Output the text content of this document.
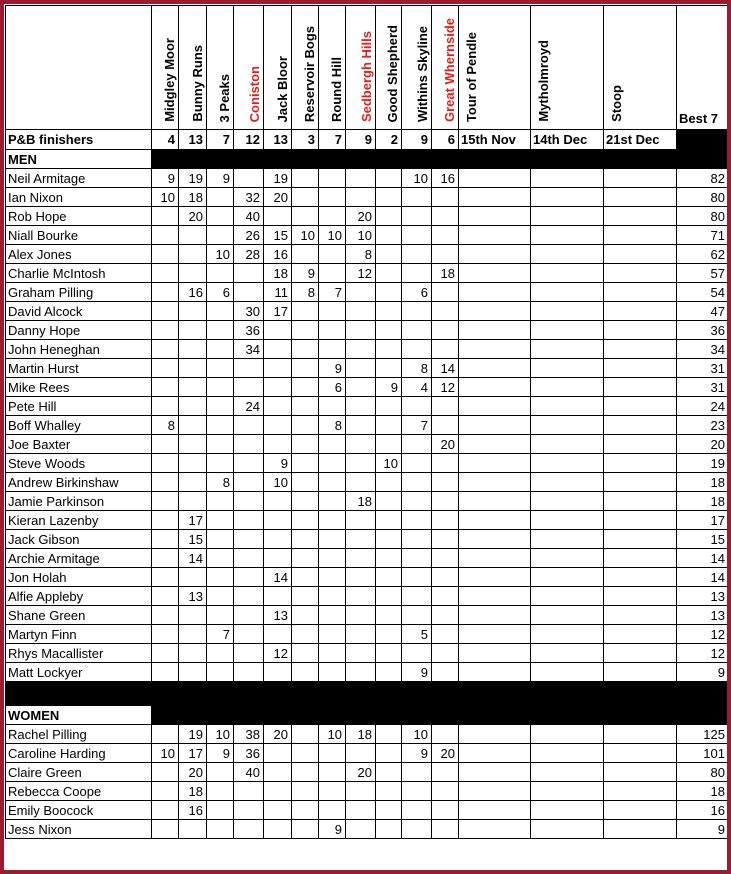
	Midgley Moor	Bunny Runs	3 Peaks	Coniston	Jack Bloor	Reservoir Bogs	Round Hill	Sedbergh Hills	Good Shepherd	Withins Skyline	Great Whernside	Tour of Pendle	Mytholmroyd	Stoop	Best 7

P&B finishers	4	13	7	12	13	3	7	9	2	9	6	15th Nov	14th Dec	21st Dec	
MEN															
Neil Armitage	9	19	9		19					10	16				82
Ian Nixon	10	18		32	20										80
Rob Hope		20		40				20							80
Niall Bourke				26	15	10	10	10							71
Alex Jones			10	28	16			8							62
Charlie McIntosh					18	9		12			18				57
Graham Pilling		16	6		11	8	7			6					54
David Alcock				30	17										47
Danny Hope				36											36
John Heneghan				34											34
Martin Hurst							9			8	14				31
Mike Rees							6		9	4	12				31
Pete Hill				24											24
Boff Whalley	8						8			7					23
Joe Baxter											20				20
Steve Woods					9				10						19
Andrew Birkinshaw			8		10										18
Jamie Parkinson								18							18
Kieran Lazenby		17													17
Jack Gibson		15													15
Archie Armitage		14													14
Jon Holah					14										14
Alfie Appleby		13													13
Shane Green					13										13
Martyn Finn			7							5					12
Rhys Macallister					12										12
Matt Lockyer										9					9

WOMEN															
Rachel Pilling		19	10	38	20		10	18		10					125
Caroline Harding	10	17	9	36						9	20				101
Claire Green		20		40				20							80
Rebecca Coope		18													18
Emily Boocock		16													16
Jess Nixon							9								9
